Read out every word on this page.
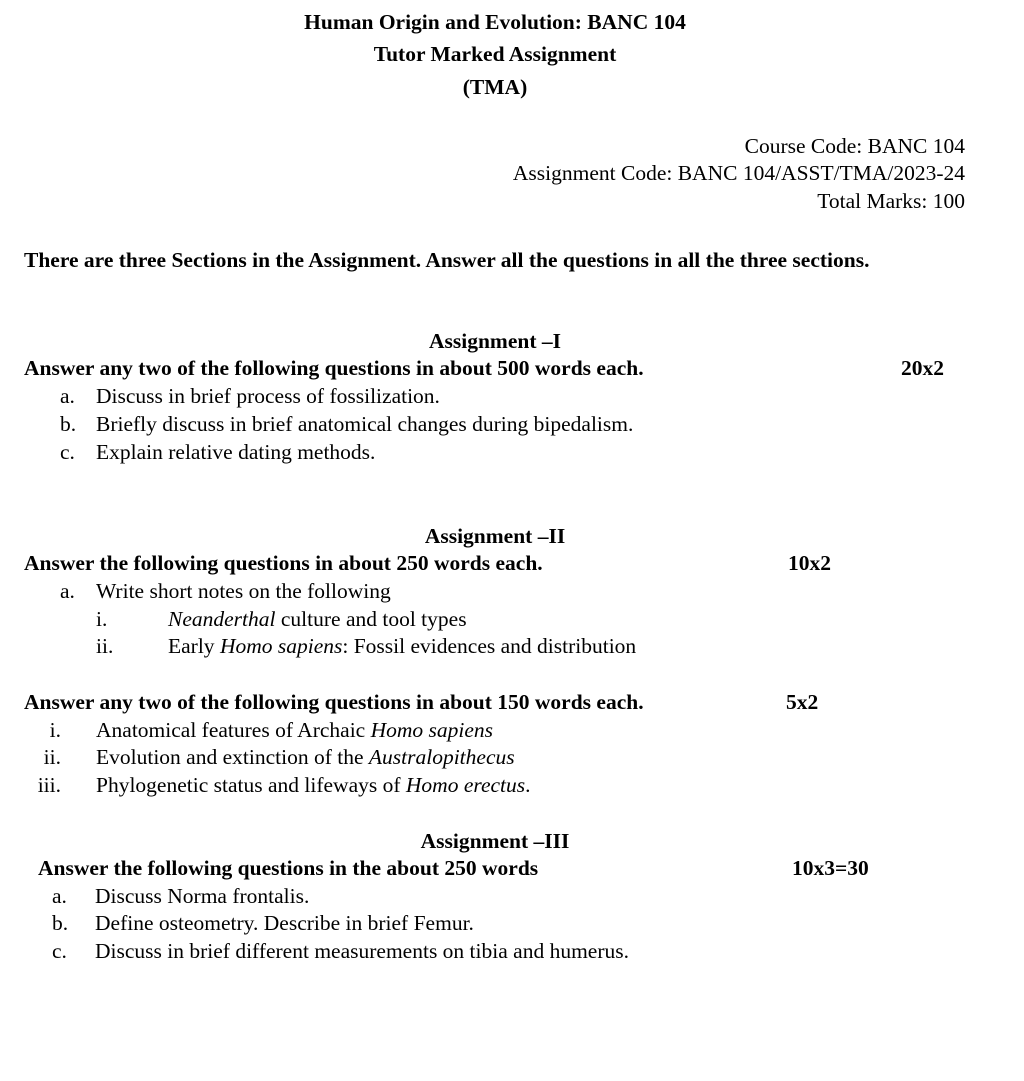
Human Origin and Evolution: BANC 104
Tutor Marked Assignment
(TMA)
Course Code: BANC 104
Assignment Code: BANC 104/ASST/TMA/2023-24
Total Marks: 100
There are three Sections in the Assignment. Answer all the questions in all the three sections.
Assignment –I
Answer any two of the following questions in about 500 words each.	20x2
a. Discuss in brief process of fossilization.
b. Briefly discuss in brief anatomical changes during bipedalism.
c. Explain relative dating methods.
Assignment –II
Answer the following questions in about 250 words each.	10x2
a. Write short notes on the following
i.	Neanderthal culture and tool types
ii.	Early Homo sapiens: Fossil evidences and distribution
Answer any two of the following questions in about 150 words each.	5x2
i. Anatomical features of Archaic Homo sapiens
ii. Evolution and extinction of the Australopithecus
iii. Phylogenetic status and lifeways of Homo erectus.
Assignment –III
Answer the following questions in the about 250 words	10x3=30
a. Discuss Norma frontalis.
b. Define osteometry. Describe in brief Femur.
c. Discuss in brief different measurements on tibia and humerus.
